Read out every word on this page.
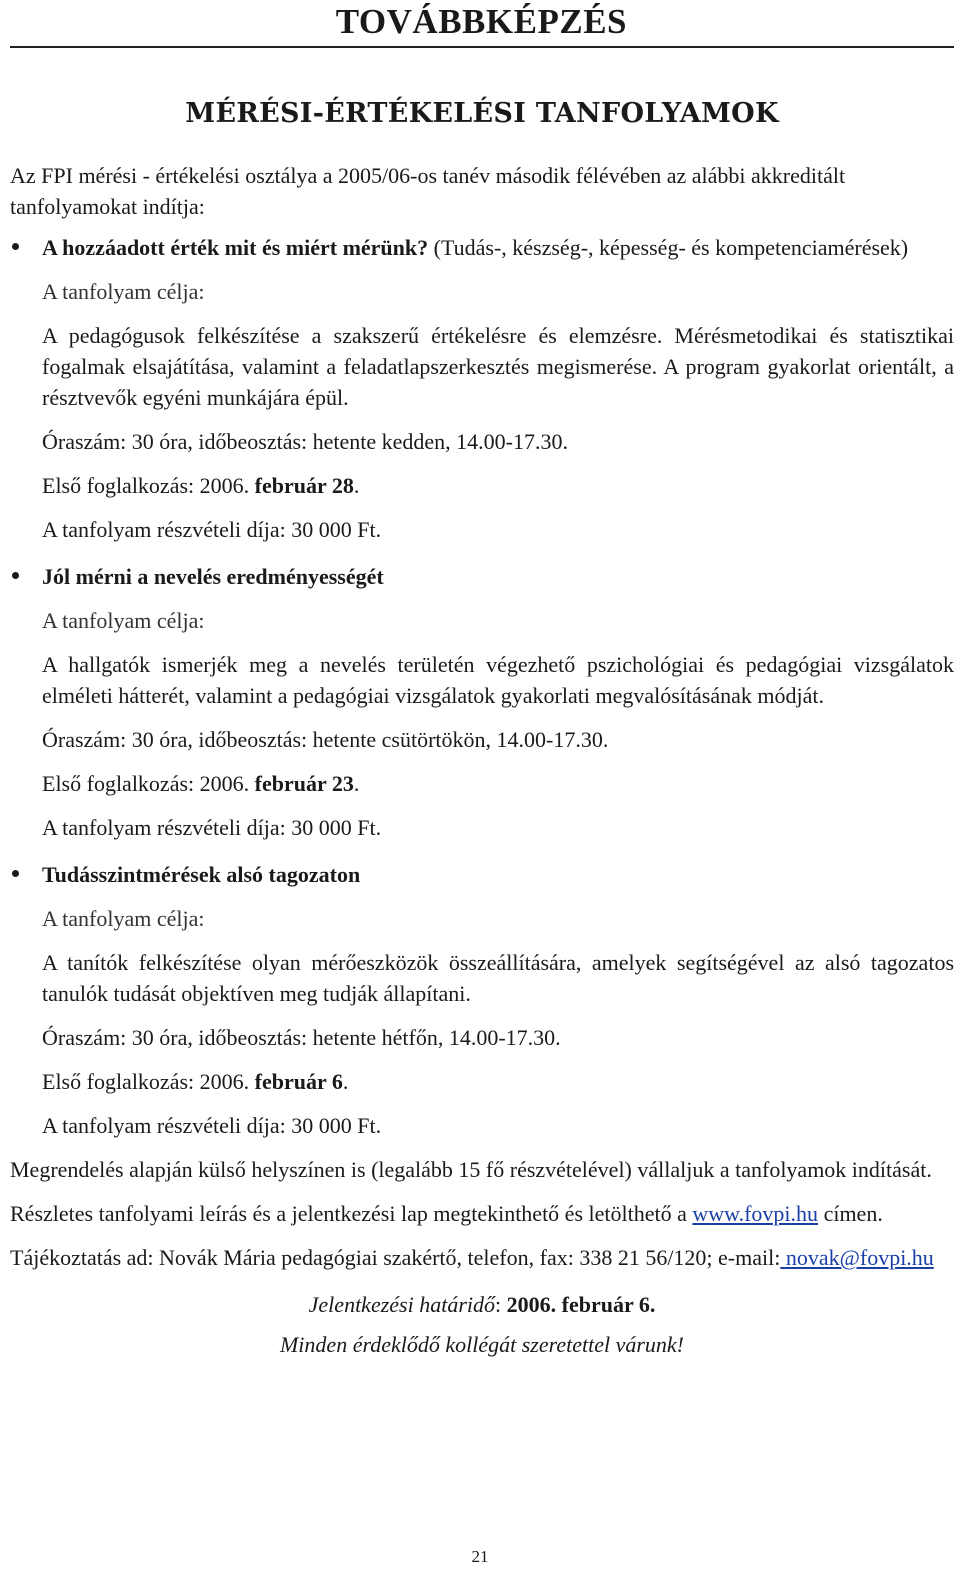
TOVÁBBKÉPZÉS
MÉRÉSI-ÉRTÉKELÉSI TANFOLYAMOK

Az FPI mérési - értékelési osztálya a 2005/06-os tanév második félévében az alábbi akkreditált tanfolyamokat indítja:

A hozzáadott érték mit és miért mérünk? (Tudás-, készség-, képesség- és kompetenciamérések)

A tanfolyam célja:

A pedagógusok felkészítése a szakszerű értékelésre és elemzésre. Mérésmetodikai és statisztikai fogalmak elsajátítása, valamint a feladatlapszerkesztés megismerése. A program gyakorlat orientált, a résztvevők egyéni munkájára épül.

Óraszám: 30 óra, időbeosztás: hetente kedden, 14.00-17.30.

Első foglalkozás: 2006. február 28.

A tanfolyam részvételi díja: 30 000 Ft.

Jól mérni a nevelés eredményességét

A tanfolyam célja:

A hallgatók ismerjék meg a nevelés területén végezhető pszichológiai és pedagógiai vizsgálatok elméleti hátterét, valamint a pedagógiai vizsgálatok gyakorlati megvalósításának módját.

Óraszám: 30 óra, időbeosztás: hetente csütörtökön, 14.00-17.30.

Első foglalkozás: 2006. február 23.

A tanfolyam részvételi díja: 30 000 Ft.

Tudásszintmérések alsó tagozaton

A tanfolyam célja:

A tanítók felkészítése olyan mérőeszközök összeállítására, amelyek segítségével az alsó tagozatos tanulók tudását objektíven meg tudják állapítani.

Óraszám: 30 óra, időbeosztás: hetente hétfőn, 14.00-17.30.

Első foglalkozás: 2006. február 6.

A tanfolyam részvételi díja: 30 000 Ft.

Megrendelés alapján külső helyszínen is (legalább 15 fő részvételével) vállaljuk a tanfolyamok indítását.

Részletes tanfolyami leírás és a jelentkezési lap megtekinthető és letölthető a www.fovpi.hu címen.

Tájékoztatás ad: Novák Mária pedagógiai szakértő, telefon, fax: 338 21 56/120; e-mail: novak@fovpi.hu

Jelentkezési határidő: 2006. február 6.
Minden érdeklődő kollégát szeretettel várunk!
21
